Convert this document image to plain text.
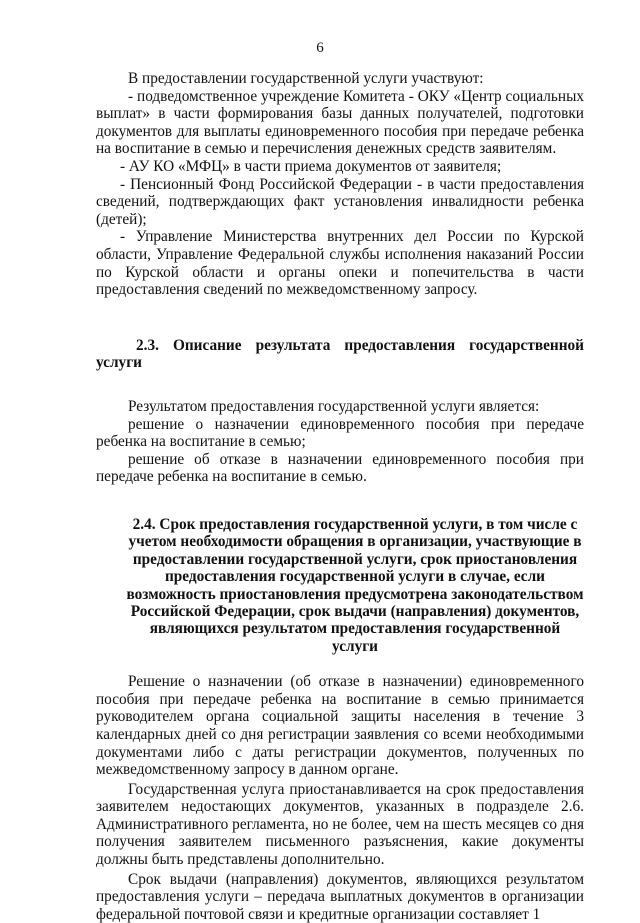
6

В предоставлении государственной услуги участвуют:

- подведомственное учреждение Комитета - ОКУ «Центр социальных выплат» в части формирования базы данных получателей, подготовки документов для выплаты единовременного пособия при передаче ребенка на воспитание в семью и перечисления денежных средств заявителям.

- АУ КО «МФЦ» в части приема документов от заявителя;

- Пенсионный Фонд Российской Федерации - в части предоставления сведений, подтверждающих факт установления инвалидности ребенка (детей);

- Управление Министерства внутренних дел России по Курской области, Управление Федеральной службы исполнения наказаний России по Курской области и органы опеки и попечительства в части предоставления сведений по межведомственному запросу.

2.3. Описание результата предоставления государственной услуги

Результатом предоставления государственной услуги является:

решение о назначении единовременного пособия при передаче ребенка на воспитание в семью;

решение об отказе в назначении единовременного пособия при передаче ребенка на воспитание в семью.

2.4. Срок предоставления государственной услуги, в том числе с учетом необходимости обращения в организации, участвующие в предоставлении государственной услуги, срок приостановления предоставления государственной услуги в случае, если возможность приостановления предусмотрена законодательством Российской Федерации, срок выдачи (направления) документов, являющихся результатом предоставления государственной услуги

Решение о назначении (об отказе в назначении) единовременного пособия при передаче ребенка на воспитание в семью принимается руководителем органа социальной защиты населения в течение 3 календарных дней со дня регистрации заявления со всеми необходимыми документами либо с даты регистрации документов, полученных по межведомственному запросу в данном органе.

Государственная услуга приостанавливается на срок предоставления заявителем недостающих документов, указанных в подразделе 2.6. Административного регламента, но не более, чем на шесть месяцев со дня получения заявителем письменного разъяснения, какие документы должны быть представлены дополнительно.

Срок выдачи (направления) документов, являющихся результатом предоставления услуги – передача выплатных документов в организации федеральной почтовой связи и кредитные организации составляет 1
